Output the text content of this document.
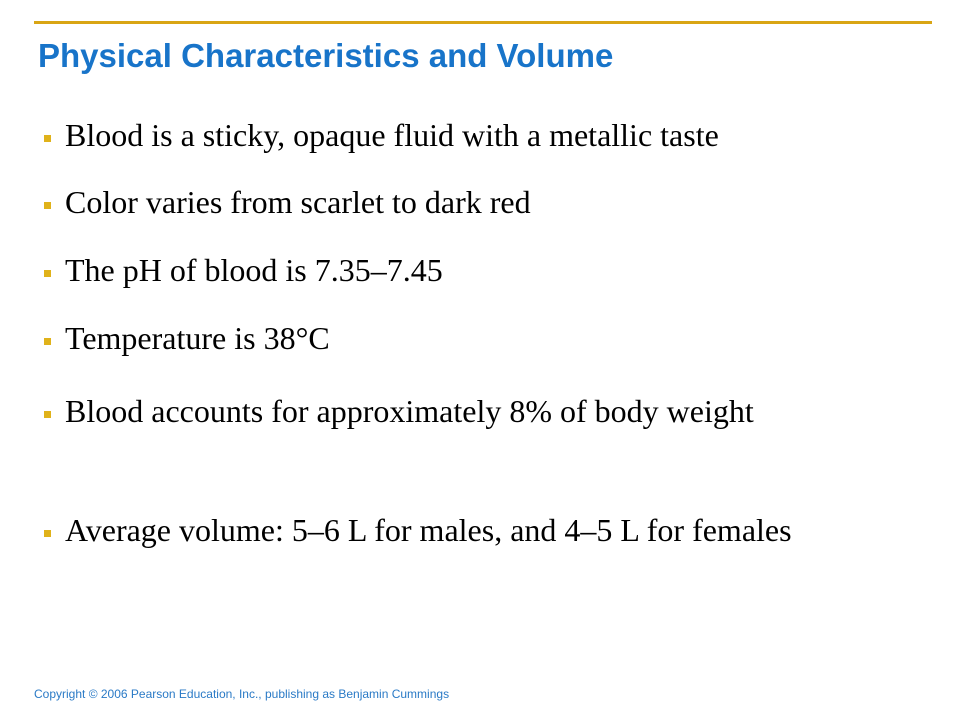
Physical Characteristics and Volume
Blood is a sticky, opaque fluid with a metallic taste
Color varies from scarlet to dark red
The pH of blood is 7.35–7.45
Temperature is 38°C
Blood accounts for approximately 8% of body weight
Average volume: 5–6 L for males, and 4–5 L for females

Copyright © 2006 Pearson Education, Inc., publishing as Benjamin Cummings
